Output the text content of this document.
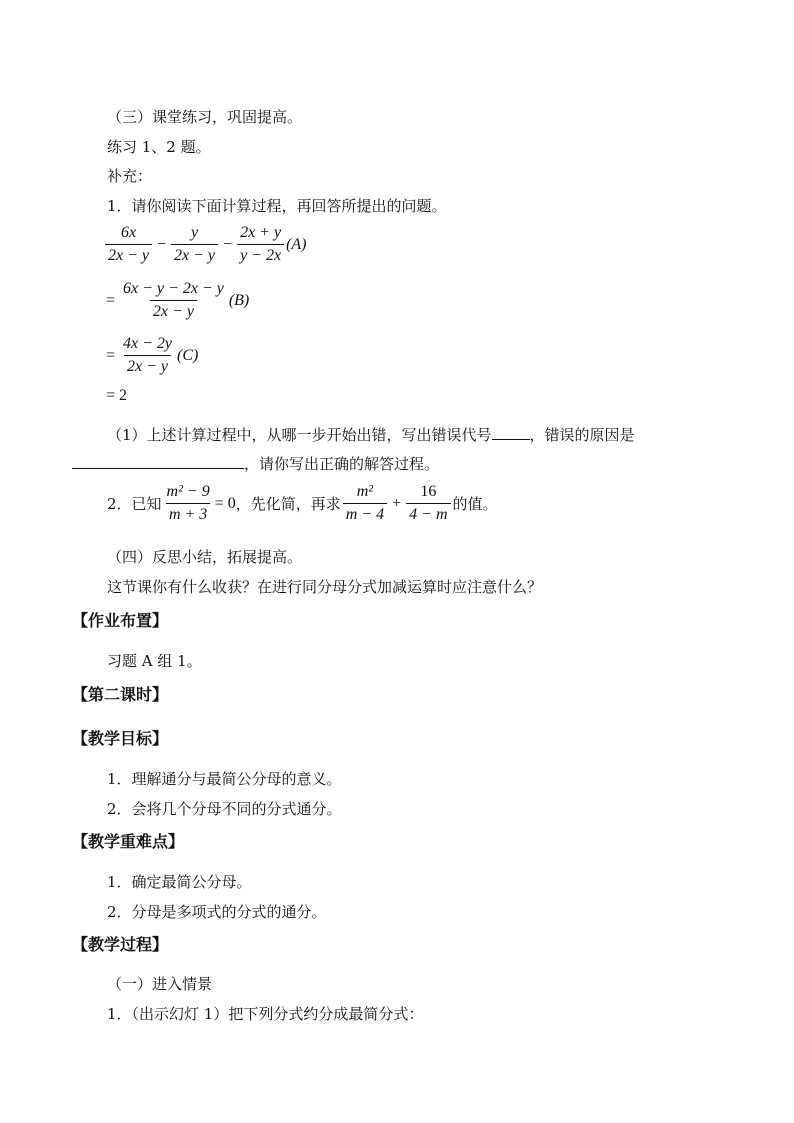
（三）课堂练习，巩固提高。
练习 1、2 题。
补充：
1．请你阅读下面计算过程，再回答所提出的问题。
$\frac{6x}{2x - y} - \frac{y}{2x - y} - \frac{2x + y}{y - 2x} (A)$
= $\frac{6x - y - 2x - y}{2x - y} (B)$
= $\frac{4x - 2y}{2x - y} (C)$
= 2
（1）上述计算过程中，从哪一步开始出错，写出错误代号	，错误的原因是
，请你写出正确的解答过程。
2．已知 $\frac{\text{m² − 9}}{m + 3} = 0$ ，先化简，再求 $\frac{\text{m²}}{m - 4} + \frac{16}{4 - m}$ 的值。
（四）反思小结，拓展提高。
这节课你有什么收获？在进行同分母分式加减运算时应注意什么？
【作业布置】
习题 A 组 1。
【第二课时】
【教学目标】
1．理解通分与最简公分母的意义。
2．会将几个分母不同的分式通分。
【教学重难点】
1．确定最简公分母。
2．分母是多项式的分式的通分。
【教学过程】
（一）进入情景
1．（出示幻灯 1）把下列分式约分成最简分式：
